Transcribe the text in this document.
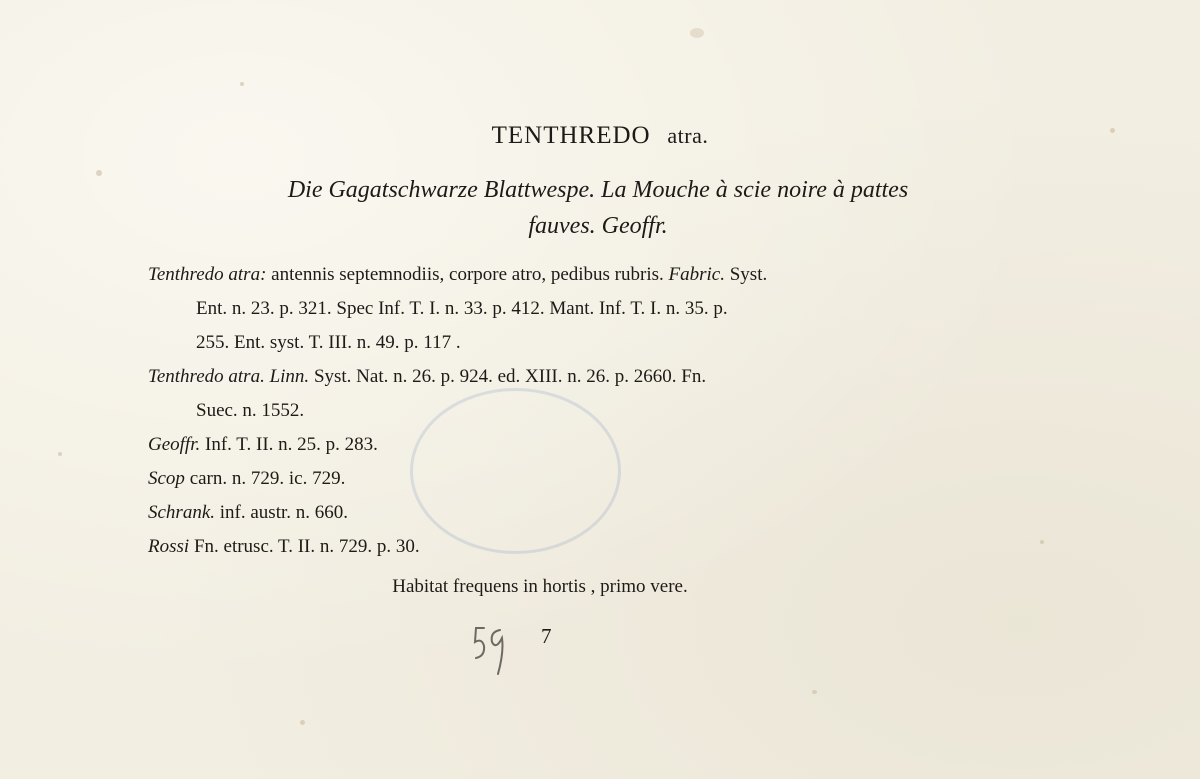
TENTHREDO atra.
Die Gagatschwarze Blattwespe. La Mouche à scie noire à pattes
fauves. Geoffr.

Tenthredo atra: antennis septemnodiis, corpore atro, pedibus rubris. Fabric. Syst.
Ent. n. 23. p. 321. Spec Inf. T. I. n. 33. p. 412. Mant. Inf. T. I. n. 35. p.
255. Ent. syst. T. III. n. 49. p. 117 .

Tenthredo atra. Linn. Syst. Nat. n. 26. p. 924. ed. XIII. n. 26. p. 2660. Fn.
Suec. n. 1552.

Geoffr. Inf. T. II. n. 25. p. 283.

Scop carn. n. 729. ic. 729.

Schrank. inf. austr. n. 660.

Rossi Fn. etrusc. T. II. n. 729. p. 30.

Habitat frequens in hortis , primo vere.
7
